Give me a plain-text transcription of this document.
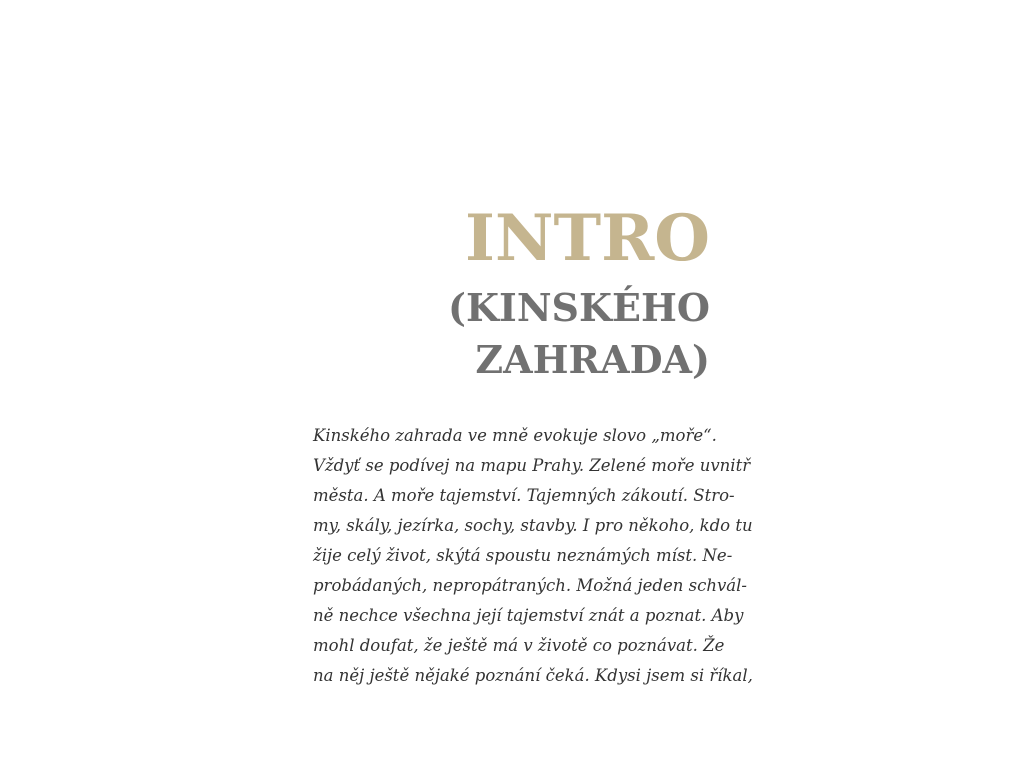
INTRO
(KINSKÉHO
ZAHRADA)
Kinského zahrada ve mně evokuje slovo „moře“.
Vždyť se podívej na mapu Prahy. Zelené moře uvnitř
města. A moře tajemství. Tajemných zákoutí. Stro-
my, skály, jezírka, sochy, stavby. I pro někoho, kdo tu
žije celý život, skýtá spoustu neznámých míst. Ne-
probádaných, nepropátraných. Možná jeden schvál-
ně nechce všechna její tajemství znát a poznat. Aby
mohl doufat, že ještě má v životě co poznávat. Že
na něj ještě nějaké poznání čeká. Kdysi jsem si říkal,
